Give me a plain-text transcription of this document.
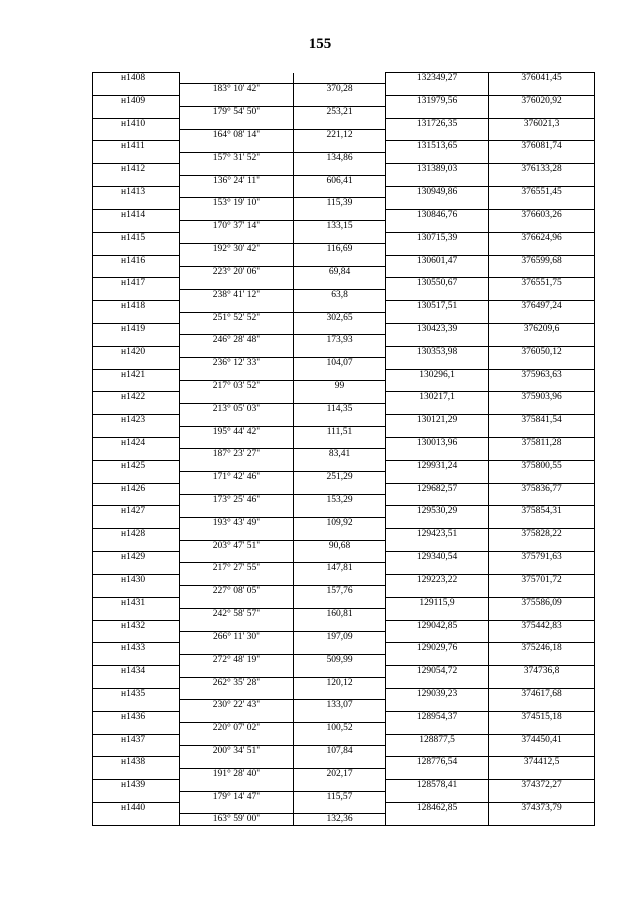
155
н1408			132349,27	376041,45
	183° 10' 42"	370,28		
н1409			131979,56	376020,92
	179° 54' 50"	253,21		
н1410			131726,35	376021,3
	164° 08' 14"	221,12		
н1411			131513,65	376081,74
	157° 31' 52"	134,86		
н1412			131389,03	376133,28
	136° 24' 11"	606,41		
н1413			130949,86	376551,45
	153° 19' 10"	115,39		
н1414			130846,76	376603,26
	170° 37' 14"	133,15		
н1415			130715,39	376624,96
	192° 30' 42"	116,69		
н1416			130601,47	376599,68
	223° 20' 06"	69,84		
н1417			130550,67	376551,75
	238° 41' 12"	63,8		
н1418			130517,51	376497,24
	251° 52' 52"	302,65		
н1419			130423,39	376209,6
	246° 28' 48"	173,93		
н1420			130353,98	376050,12
	236° 12' 33"	104,07		
н1421			130296,1	375963,63
	217° 03' 52"	99		
н1422			130217,1	375903,96
	213° 05' 03"	114,35		
н1423			130121,29	375841,54
	195° 44' 42"	111,51		
н1424			130013,96	375811,28
	187° 23' 27"	83,41		
н1425			129931,24	375800,55
	171° 42' 46"	251,29		
н1426			129682,57	375836,77
	173° 25' 46"	153,29		
н1427			129530,29	375854,31
	193° 43' 49"	109,92		
н1428			129423,51	375828,22
	203° 47' 51"	90,68		
н1429			129340,54	375791,63
	217° 27' 55"	147,81		
н1430			129223,22	375701,72
	227° 08' 05"	157,76		
н1431			129115,9	375586,09
	242° 58' 57"	160,81		
н1432			129042,85	375442,83
	266° 11' 30"	197,09		
н1433			129029,76	375246,18
	272° 48' 19"	509,99		
н1434			129054,72	374736,8
	262° 35' 28"	120,12		
н1435			129039,23	374617,68
	230° 22' 43"	133,07		
н1436			128954,37	374515,18
	220° 07' 02"	100,52		
н1437			128877,5	374450,41
	200° 34' 51"	107,84		
н1438			128776,54	374412,5
	191° 28' 40"	202,17		
н1439			128578,41	374372,27
	179° 14' 47"	115,57		
н1440			128462,85	374373,79
	163° 59' 00"	132,36		
